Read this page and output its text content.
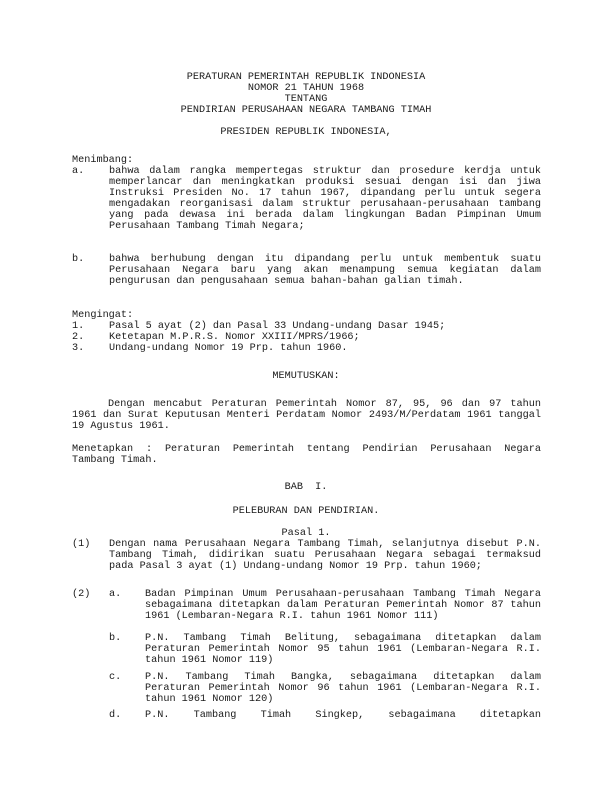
PERATURAN PEMERINTAH REPUBLIK INDONESIA
NOMOR 21 TAHUN 1968
TENTANG
PENDIRIAN PERUSAHAAN NEGARA TAMBANG TIMAH
PRESIDEN REPUBLIK INDONESIA,
Menimbang:
a. bahwa dalam rangka mempertegas struktur dan prosedure kerdja untuk memperlancar dan meningkatkan produksi sesuai dengan isi dan jiwa Instruksi Presiden No. 17 tahun 1967, dipandang perlu untuk segera mengadakan reorganisasi dalam struktur perusahaan-perusahaan tambang yang pada dewasa ini berada dalam lingkungan Badan Pimpinan Umum Perusahaan Tambang Timah Negara;
b. bahwa berhubung dengan itu dipandang perlu untuk membentuk suatu Perusahaan Negara baru yang akan menampung semua kegiatan dalam pengurusan dan pengusahaan semua bahan-bahan galian timah.
Mengingat:
1. Pasal 5 ayat (2) dan Pasal 33 Undang-undang Dasar 1945;
2. Ketetapan M.P.R.S. Nomor XXIII/MPRS/1966;
3. Undang-undang Nomor 19 Prp. tahun 1960.
MEMUTUSKAN:
Dengan mencabut Peraturan Pemerintah Nomor 87, 95, 96 dan 97 tahun 1961 dan Surat Keputusan Menteri Perdatam Nomor 2493/M/Perdatam 1961 tanggal 19 Agustus 1961.
Menetapkan : Peraturan Pemerintah tentang Pendirian Perusahaan Negara Tambang Timah.
BAB  I.
PELEBURAN DAN PENDIRIAN.
Pasal 1.
(1) Dengan nama Perusahaan Negara Tambang Timah, selanjutnya disebut P.N. Tambang Timah, didirikan suatu Perusahaan Negara sebagai termaksud pada Pasal 3 ayat (1) Undang-undang Nomor 19 Prp. tahun 1960;
(2) a. Badan Pimpinan Umum Perusahaan-perusahaan Tambang Timah Negara sebagaimana ditetapkan dalam Peraturan Pemerintah Nomor 87 tahun 1961 (Lembaran-Negara R.I. tahun 1961 Nomor 111)
b. P.N. Tambang Timah Belitung, sebagaimana ditetapkan dalam Peraturan Pemerintah Nomor 95 tahun 1961 (Lembaran-Negara R.I. tahun 1961 Nomor 119)
c. P.N. Tambang Timah Bangka, sebagaimana ditetapkan dalam Peraturan Pemerintah Nomor 96 tahun 1961 (Lembaran-Negara R.I. tahun 1961 Nomor 120)
d. P.N. Tambang Timah Singkep, sebagaimana ditetapkan
